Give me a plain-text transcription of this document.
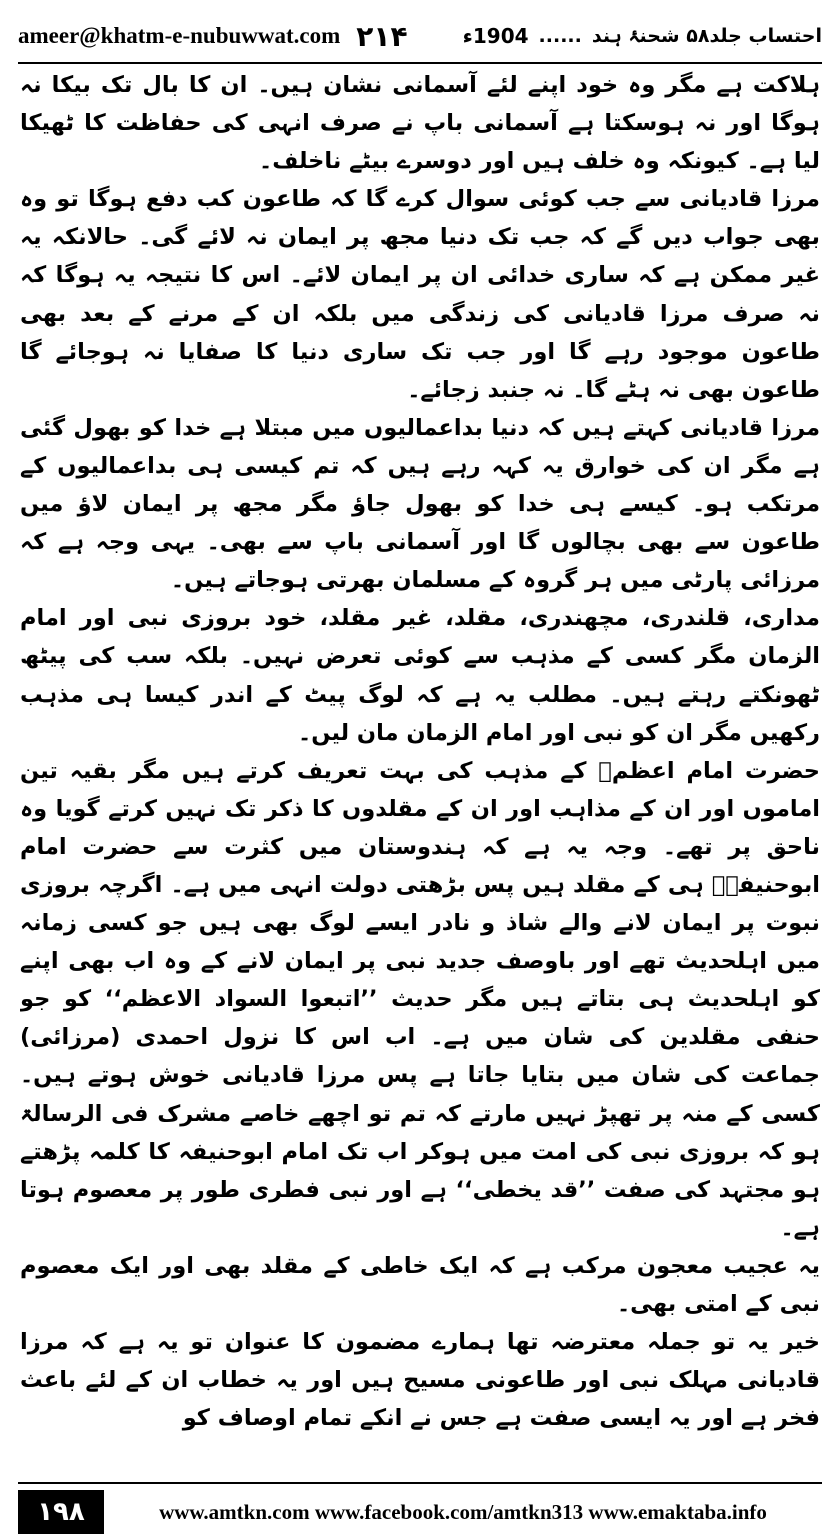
ameer@khatm-e-nubuwwat.com ۲۱۴	احتساب جلد۵۸ شحنۂ ہند
......
1904ء

ہلاکت ہے مگر وہ خود اپنے لئے آسمانی نشان ہیں۔ ان کا بال تک بیکا نہ ہوگا اور نہ ہوسکتا ہے آسمانی باپ نے صرف انہی کی حفاظت کا ٹھیکا لیا ہے۔ کیونکہ وہ خلف ہیں اور دوسرے بیٹے ناخلف۔

مرزا قادیانی سے جب کوئی سوال کرے گا کہ طاعون کب دفع ہوگا تو وہ بھی جواب دیں گے کہ جب تک دنیا مجھ پر ایمان نہ لائے گی۔ حالانکہ یہ غیر ممکن ہے کہ ساری خدائی ان پر ایمان لائے۔ اس کا نتیجہ یہ ہوگا کہ نہ صرف مرزا قادیانی کی زندگی میں بلکہ ان کے مرنے کے بعد بھی طاعون موجود رہے گا اور جب تک ساری دنیا کا صفایا نہ ہوجائے گا طاعون بھی نہ ہٹے گا۔ نہ جنبد زجائے۔

مرزا قادیانی کہتے ہیں کہ دنیا بداعمالیوں میں مبتلا ہے خدا کو بھول گئی ہے مگر ان کی خوارق یہ کہہ رہے ہیں کہ تم کیسی ہی بداعمالیوں کے مرتکب ہو۔ کیسے ہی خدا کو بھول جاؤ مگر مجھ پر ایمان لاؤ میں طاعون سے بھی بچالوں گا اور آسمانی باپ سے بھی۔ یہی وجہ ہے کہ مرزائی پارٹی میں ہر گروہ کے مسلمان بھرتی ہوجاتے ہیں۔

مداری، قلندری، مچھندری، مقلد، غیر مقلد، خود بروزی نبی اور امام الزمان مگر کسی کے مذہب سے کوئی تعرض نہیں۔ بلکہ سب کی پیٹھ ٹھونکتے رہتے ہیں۔ مطلب یہ ہے کہ لوگ پیٹ کے اندر کیسا ہی مذہب رکھیں مگر ان کو نبی اور امام الزمان مان لیں۔

حضرت امام اعظمؒ کے مذہب کی بہت تعریف کرتے ہیں مگر بقیہ تین اماموں اور ان کے مذاہب اور ان کے مقلدوں کا ذکر تک نہیں کرتے گویا وہ ناحق پر تھے۔ وجہ یہ ہے کہ ہندوستان میں کثرت سے حضرت امام ابوحنیفہؒ ہی کے مقلد ہیں پس بڑھتی دولت انہی میں ہے۔ اگرچہ بروزی نبوت پر ایمان لانے والے شاذ و نادر ایسے لوگ بھی ہیں جو کسی زمانہ میں اہلحدیث تھے اور باوصف جدید نبی پر ایمان لانے کے وہ اب بھی اپنے کو اہلحدیث ہی بتاتے ہیں مگر حدیث ’’اتبعوا السواد الاعظم‘‘ کو جو حنفی مقلدین کی شان میں ہے۔ اب اس کا نزول احمدی (مرزائی) جماعت کی شان میں بتایا جاتا ہے پس مرزا قادیانی خوش ہوتے ہیں۔ کسی کے منہ پر تھپڑ نہیں مارتے کہ تم تو اچھے خاصے مشرک فی الرسالۃ ہو کہ بروزی نبی کی امت میں ہوکر اب تک امام ابوحنیفہ کا کلمہ پڑھتے ہو مجتہد کی صفت ’’قد یخطی‘‘ ہے اور نبی فطری طور پر معصوم ہوتا ہے۔

یہ عجیب معجون مرکب ہے کہ ایک خاطی کے مقلد بھی اور ایک معصوم نبی کے امتی بھی۔

خیر یہ تو جملہ معترضہ تھا ہمارے مضمون کا عنوان تو یہ ہے کہ مرزا قادیانی مہلک نبی اور طاعونی مسیح ہیں اور یہ خطاب ان کے لئے باعث فخر ہے اور یہ ایسی صفت ہے جس نے انکے تمام اوصاف کو

۱۹۸	www.amtkn.com www.facebook.com/amtkn313 www.emaktaba.info
